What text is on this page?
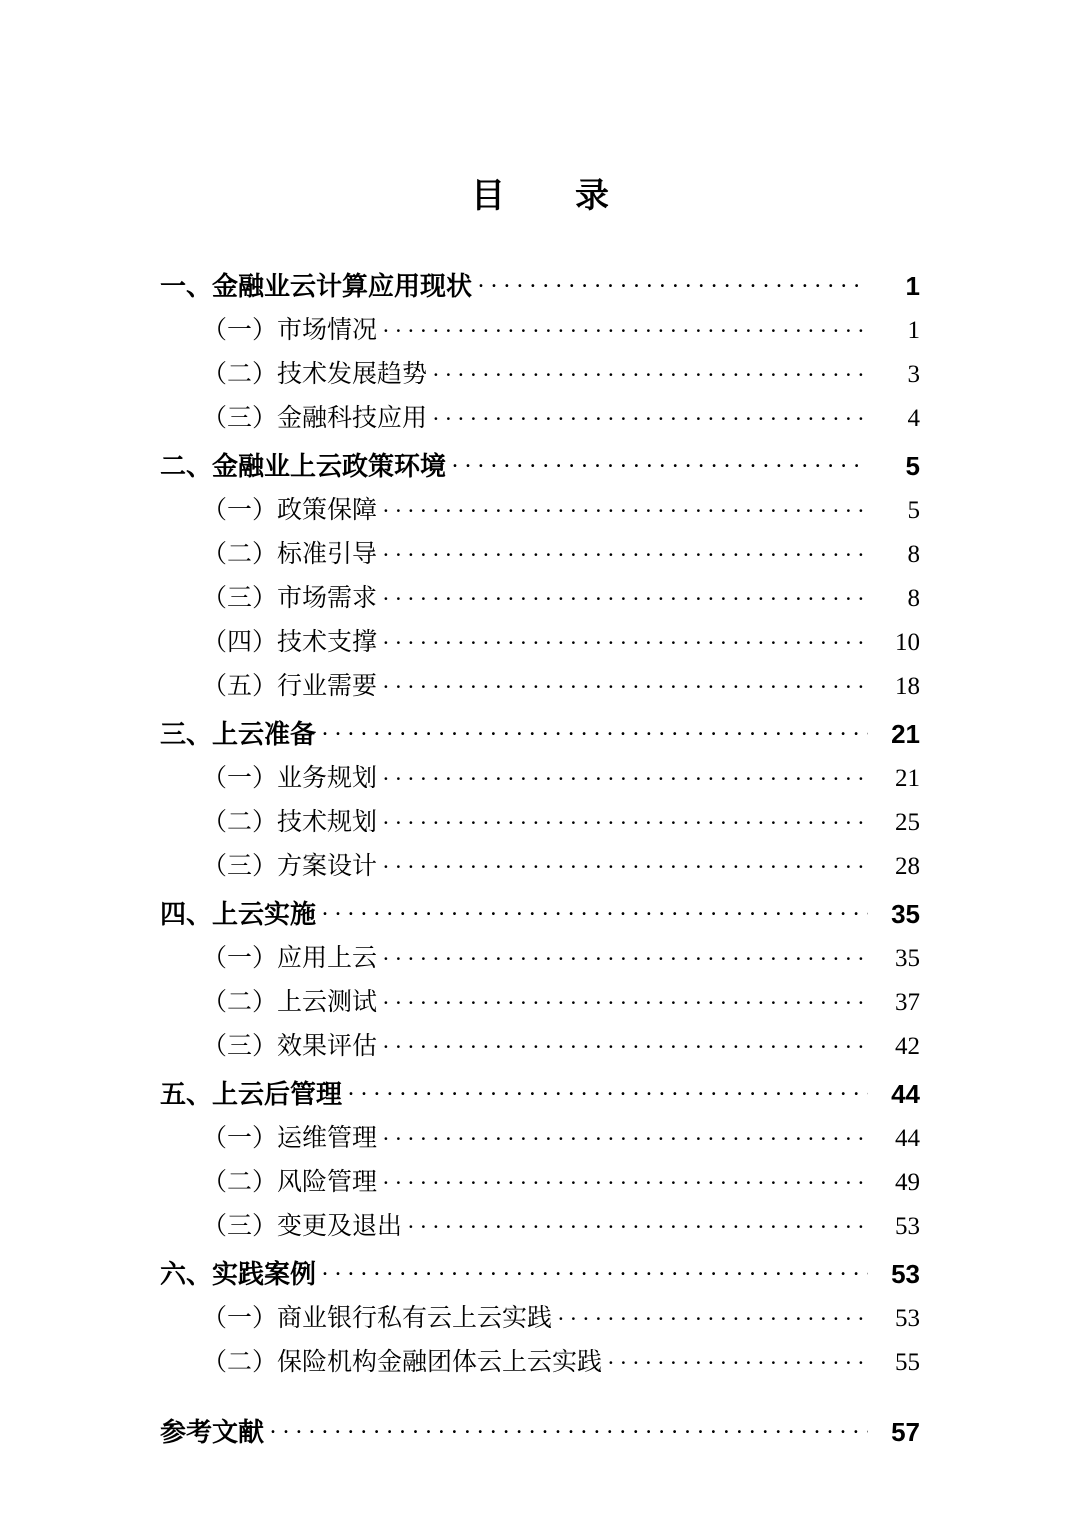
目　录
一、金融业云计算应用现状 . . .	1
（一）市场情况 . . .	1
（二）技术发展趋势 . . .	3
（三）金融科技应用 . . .	4
二、金融业上云政策环境 . . .	5
（一）政策保障 . . .	5
（二）标准引导 . . .	8
（三）市场需求 . . .	8
（四）技术支撑 . . .	10
（五）行业需要 . . .	18
三、上云准备 . . .	21
（一）业务规划 . . .	21
（二）技术规划 . . .	25
（三）方案设计 . . .	28
四、上云实施 . . .	35
（一）应用上云 . . .	35
（二）上云测试 . . .	37
（三）效果评估 . . .	42
五、上云后管理 . . .	44
（一）运维管理 . . .	44
（二）风险管理 . . .	49
（三）变更及退出 . . .	53
六、实践案例 . . .	53
（一）商业银行私有云上云实践 . . .	53
（二）保险机构金融团体云上云实践 . . .	55
参考文献 . . .	57
